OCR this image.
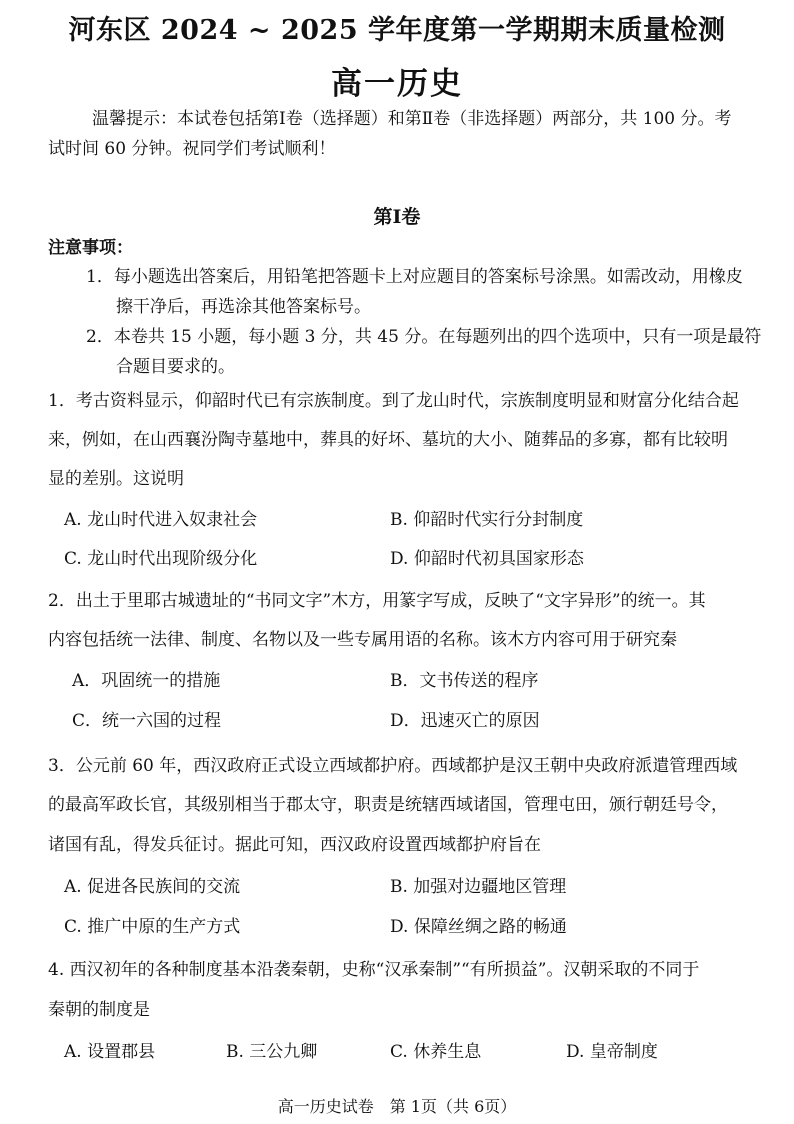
河东区 2024 ~ 2025 学年度第一学期期末质量检测
高一历史
温馨提示：本试卷包括第Ⅰ卷（选择题）和第Ⅱ卷（非选择题）两部分，共 100 分。考
试时间 60 分钟。祝同学们考试顺利！
第Ⅰ卷
注意事项：
1．每小题选出答案后，用铅笔把答题卡上对应题目的答案标号涂黑。如需改动，用橡皮
擦干净后，再选涂其他答案标号。
2．本卷共 15 小题，每小题 3 分，共 45 分。在每题列出的四个选项中，只有一项是最符
合题目要求的。
1．考古资料显示，仰韶时代已有宗族制度。到了龙山时代，宗族制度明显和财富分化结合起
来，例如，在山西襄汾陶寺墓地中，葬具的好坏、墓坑的大小、随葬品的多寡，都有比较明
显的差别。这说明
A. 龙山时代进入奴隶社会	B. 仰韶时代实行分封制度
C. 龙山时代出现阶级分化	D. 仰韶时代初具国家形态
2．出土于里耶古城遗址的“书同文字”木方，用篆字写成，反映了“文字异形”的统一。其
内容包括统一法律、制度、名物以及一些专属用语的名称。该木方内容可用于研究秦
A．巩固统一的措施	B．文书传送的程序
C．统一六国的过程	D．迅速灭亡的原因
3．公元前 60 年，西汉政府正式设立西域都护府。西域都护是汉王朝中央政府派遣管理西域
的最高军政长官，其级别相当于郡太守，职责是统辖西域诸国，管理屯田，颁行朝廷号令，
诸国有乱，得发兵征讨。据此可知，西汉政府设置西域都护府旨在
A. 促进各民族间的交流	B. 加强对边疆地区管理
C. 推广中原的生产方式	D. 保障丝绸之路的畅通
4. 西汉初年的各种制度基本沿袭秦朝，史称“汉承秦制”“有所损益”。汉朝采取的不同于
秦朝的制度是
A. 设置郡县	B. 三公九卿	C. 休养生息	D. 皇帝制度
高一历史试卷　第 1页（共 6页）
